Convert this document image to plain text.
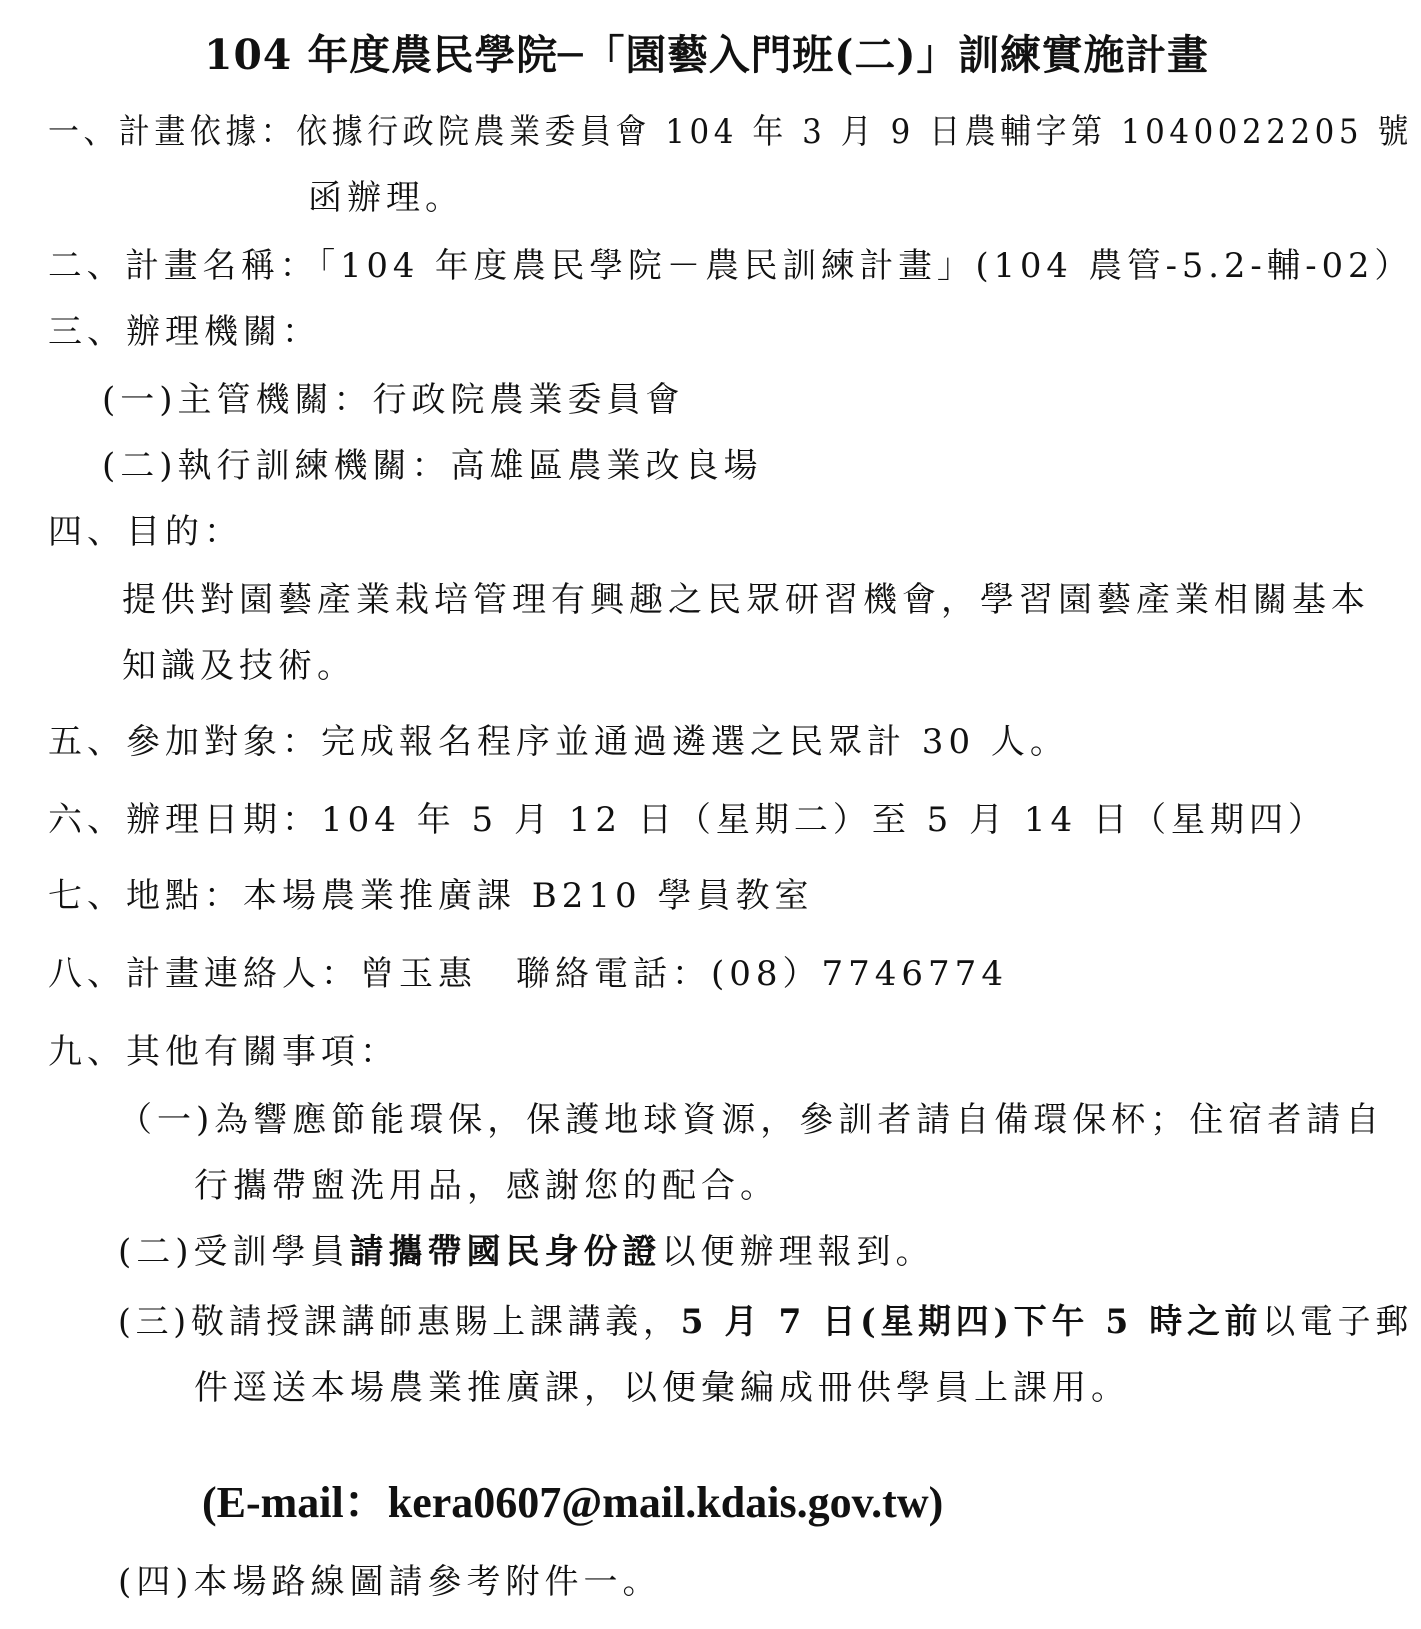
104 年度農民學院─「園藝入門班(二)」訓練實施計畫
一、計畫依據：依據行政院農業委員會 104 年 3 月 9 日農輔字第 1040022205 號
函辦理。
二、計畫名稱：「104 年度農民學院－農民訓練計畫」(104 農管-5.2-輔-02）
三、辦理機關：
(一)主管機關：行政院農業委員會
(二)執行訓練機關：高雄區農業改良場
四、目的：
提供對園藝產業栽培管理有興趣之民眾研習機會，學習園藝產業相關基本
知識及技術。
五、參加對象：完成報名程序並通過遴選之民眾計 30 人。
六、辦理日期：104 年 5 月 12 日（星期二）至 5 月 14 日（星期四）
七、地點：本場農業推廣課 B210 學員教室
八、計畫連絡人：曾玉惠 聯絡電話：(08）7746774
九、其他有關事項：
（一)為響應節能環保，保護地球資源，參訓者請自備環保杯；住宿者請自
行攜帶盥洗用品，感謝您的配合。
(二)受訓學員請攜帶國民身份證以便辦理報到。
(三)敬請授課講師惠賜上課講義，5 月 7 日(星期四)下午 5 時之前以電子郵
件逕送本場農業推廣課，以便彙編成冊供學員上課用。
(E-mail：kera0607@mail.kdais.gov.tw)
(四)本場路線圖請參考附件一。
